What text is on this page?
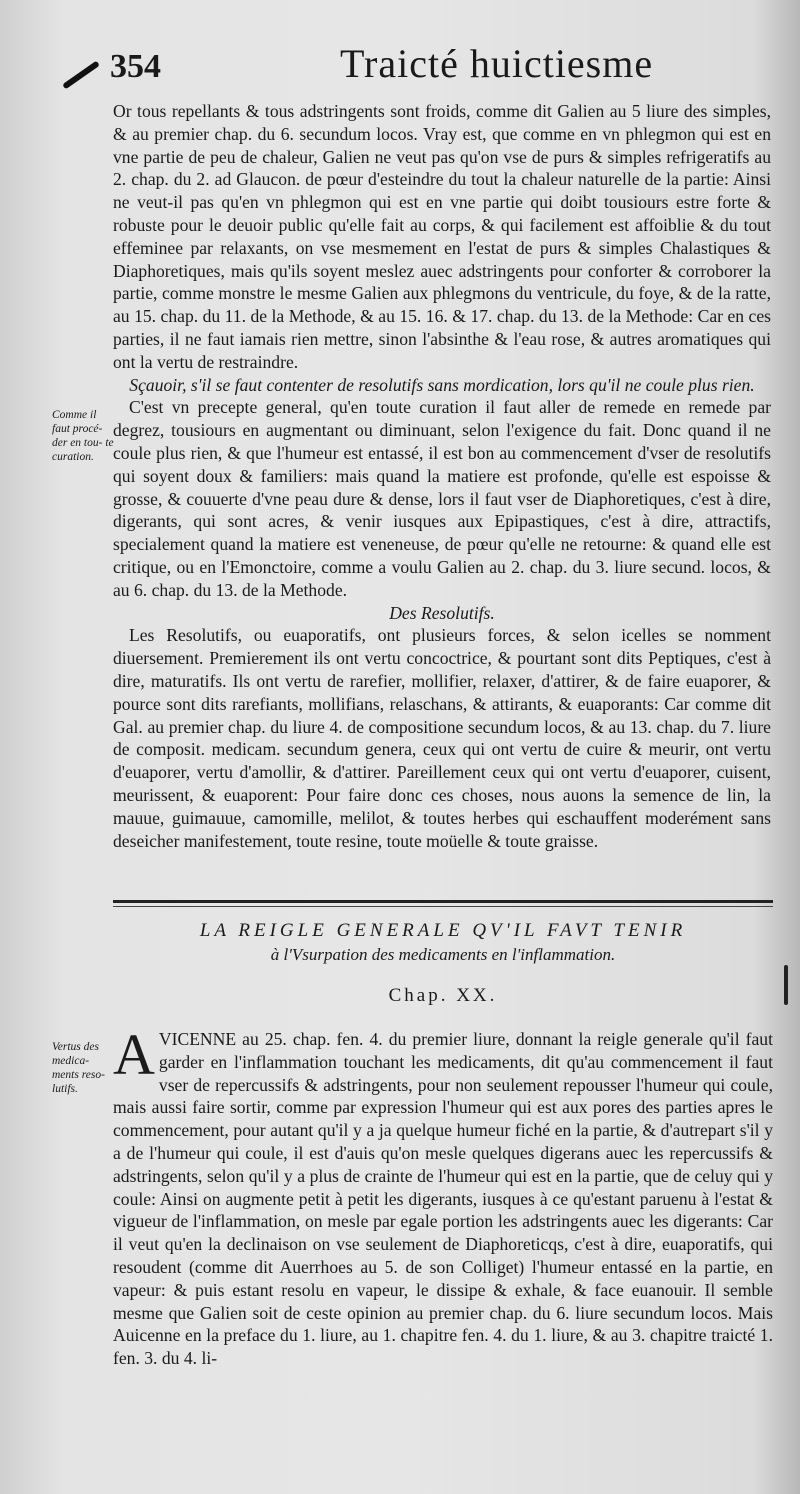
354	Traicté huictiesme

Or tous repellants & tous adstringents sont froids, comme dit Galien au 5 liure des simples, & au premier chap. du 6. secundum locos. Vray est, que comme en vn phlegmon qui est en vne partie de peu de chaleur, Galien ne veut pas qu'on vse de purs & simples refrigeratifs au 2. chap. du 2. ad Glaucon. de pœur d'esteindre du tout la chaleur naturelle de la partie: Ainsi ne veut-il pas qu'en vn phlegmon qui est en vne partie qui doibt tousiours estre forte & robuste pour le deuoir public qu'elle fait au corps, & qui facilement est affoiblie & du tout effeminee par relaxants, on vse mesmement en l'estat de purs & simples Chalastiques & Diaphoretiques, mais qu'ils soyent meslez auec adstringents pour conforter & corroborer la partie, comme monstre le mesme Galien aux phlegmons du ventricule, du foye, & de la ratte, au 15. chap. du 11. de la Methode, & au 15. 16. & 17. chap. du 13. de la Methode: Car en ces parties, il ne faut iamais rien mettre, sinon l'absinthe & l'eau rose, & autres aromatiques qui ont la vertu de restraindre.

Sçauoir, s'il se faut contenter de resolutifs sans mordication, lors qu'il ne coule plus rien.

C'est vn precepte general, qu'en toute curation il faut aller de remede en remede par degrez, tousiours en augmentant ou diminuant, selon l'exigence du fait. Donc quand il ne coule plus rien, & que l'humeur est entassé, il est bon au commencement d'vser de resolutifs qui soyent doux & familiers: mais quand la matiere est profonde, qu'elle est espoisse & grosse, & couuerte d'vne peau dure & dense, lors il faut vser de Diaphoretiques, c'est à dire, digerants, qui sont acres, & venir iusques aux Epipastiques, c'est à dire, attractifs, specialement quand la matiere est veneneuse, de pœur qu'elle ne retourne: & quand elle est critique, ou en l'Emonctoire, comme a voulu Galien au 2. chap. du 3. liure secund. locos, & au 6. chap. du 13. de la Methode.

Des Resolutifs.

Les Resolutifs, ou euaporatifs, ont plusieurs forces, & selon icelles se nomment diuersement. Premierement ils ont vertu concoctrice, & pourtant sont dits Peptiques, c'est à dire, maturatifs. Ils ont vertu de rarefier, mollifier, relaxer, d'attirer, & de faire euaporer, & pource sont dits rarefiants, mollifians, relaschans, & attirants, & euaporants: Car comme dit Gal. au premier chap. du liure 4. de compositione secundum locos, & au 13. chap. du 7. liure de composit. medicam. secundum genera, ceux qui ont vertu de cuire & meurir, ont vertu d'euaporer, vertu d'amollir, & d'attirer. Pareillement ceux qui ont vertu d'euaporer, cuisent, meurissent, & euaporent: Pour faire donc ces choses, nous auons la semence de lin, la mauue, guimauue, camomille, melilot, & toutes herbes qui eschauffent moderément sans deseicher manifestement, toute resine, toute moüelle & toute graisse.

Comme il faut procé- der en tou- te curation.
LA REIGLE GENERALE QV'IL FAVT TENIR
à l'Vsurpation des medicaments en l'inflammation.
Chap. XX.
Vertus des medica- ments reso- lutifs.

A VICENNE au 25. chap. fen. 4. du premier liure, donnant la reigle generale qu'il faut garder en l'inflammation touchant les medicaments, dit qu'au commencement il faut vser de repercussifs & adstringents, pour non seulement repousser l'humeur qui coule, mais aussi faire sortir, comme par expression l'humeur qui est aux pores des parties apres le commencement, pour autant qu'il y a ja quelque humeur fiché en la partie, & d'autrepart s'il y a de l'humeur qui coule, il est d'auis qu'on mesle quelques digerans auec les repercussifs & adstringents, selon qu'il y a plus de crainte de l'humeur qui est en la partie, que de celuy qui y coule: Ainsi on augmente petit à petit les digerants, iusques à ce qu'estant paruenu à l'estat & vigueur de l'inflammation, on mesle par egale portion les adstringents auec les digerants: Car il veut qu'en la declinaison on vse seulement de Diaphoreticqs, c'est à dire, euaporatifs, qui resoudent (comme dit Auerrhoes au 5. de son Colliget) l'humeur entassé en la partie, en vapeur: & puis estant resolu en vapeur, le dissipe & exhale, & face euanouir. Il semble mesme que Galien soit de ceste opinion au premier chap. du 6. liure secundum locos. Mais Auicenne en la preface du 1. liure, au 1. chapitre fen. 4. du 1. liure, & au 3. chapitre traicté 1. fen. 3. du 4. li-
